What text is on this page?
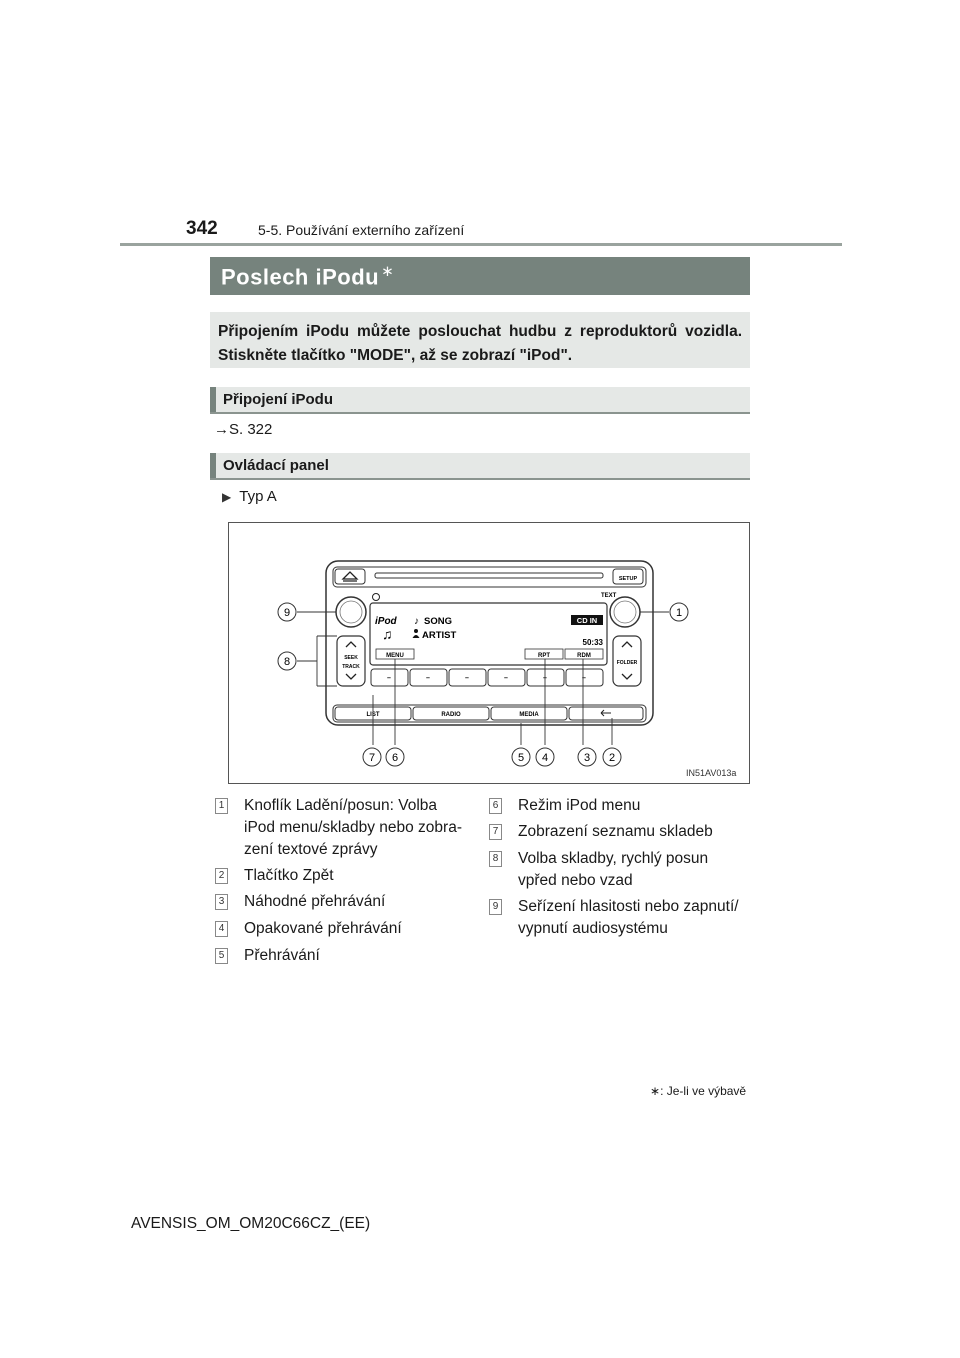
342	5-5. Používání externího zařízení
Poslech iPodu ∗
Připojením iPodu můžete poslouchat hudbu z reproduktorů vozidla. Stiskněte tlačítko "MODE", až se zobrazí "iPod".
Připojení iPodu
→S. 322
Ovládací panel
▶ Typ A
SETUP
TEXT
iPod ♪ SONG
♫	ARTIST
CD IN
50:33
MENU	RPT	RDM
SEEK
TRACK
FOLDER
–	–	–	–	–	–
LIST	RADIO	MEDIA
9	1
8
7 6	5 4	3 2
IN51AV013a
1 Knoflík Ladění/posun: Volba
iPod menu/skladby nebo zobra-
zení textové zprávy
2 Tlačítko Zpět
3 Náhodné přehrávání
4 Opakované přehrávání
5 Přehrávání
6 Režim iPod menu
7 Zobrazení seznamu skladeb
8 Volba skladby, rychlý posun
vpřed nebo vzad
9 Seřízení hlasitosti nebo zapnutí/
vypnutí audiosystému
∗: Je-li ve výbavě
AVENSIS_OM_OM20C66CZ_(EE)
